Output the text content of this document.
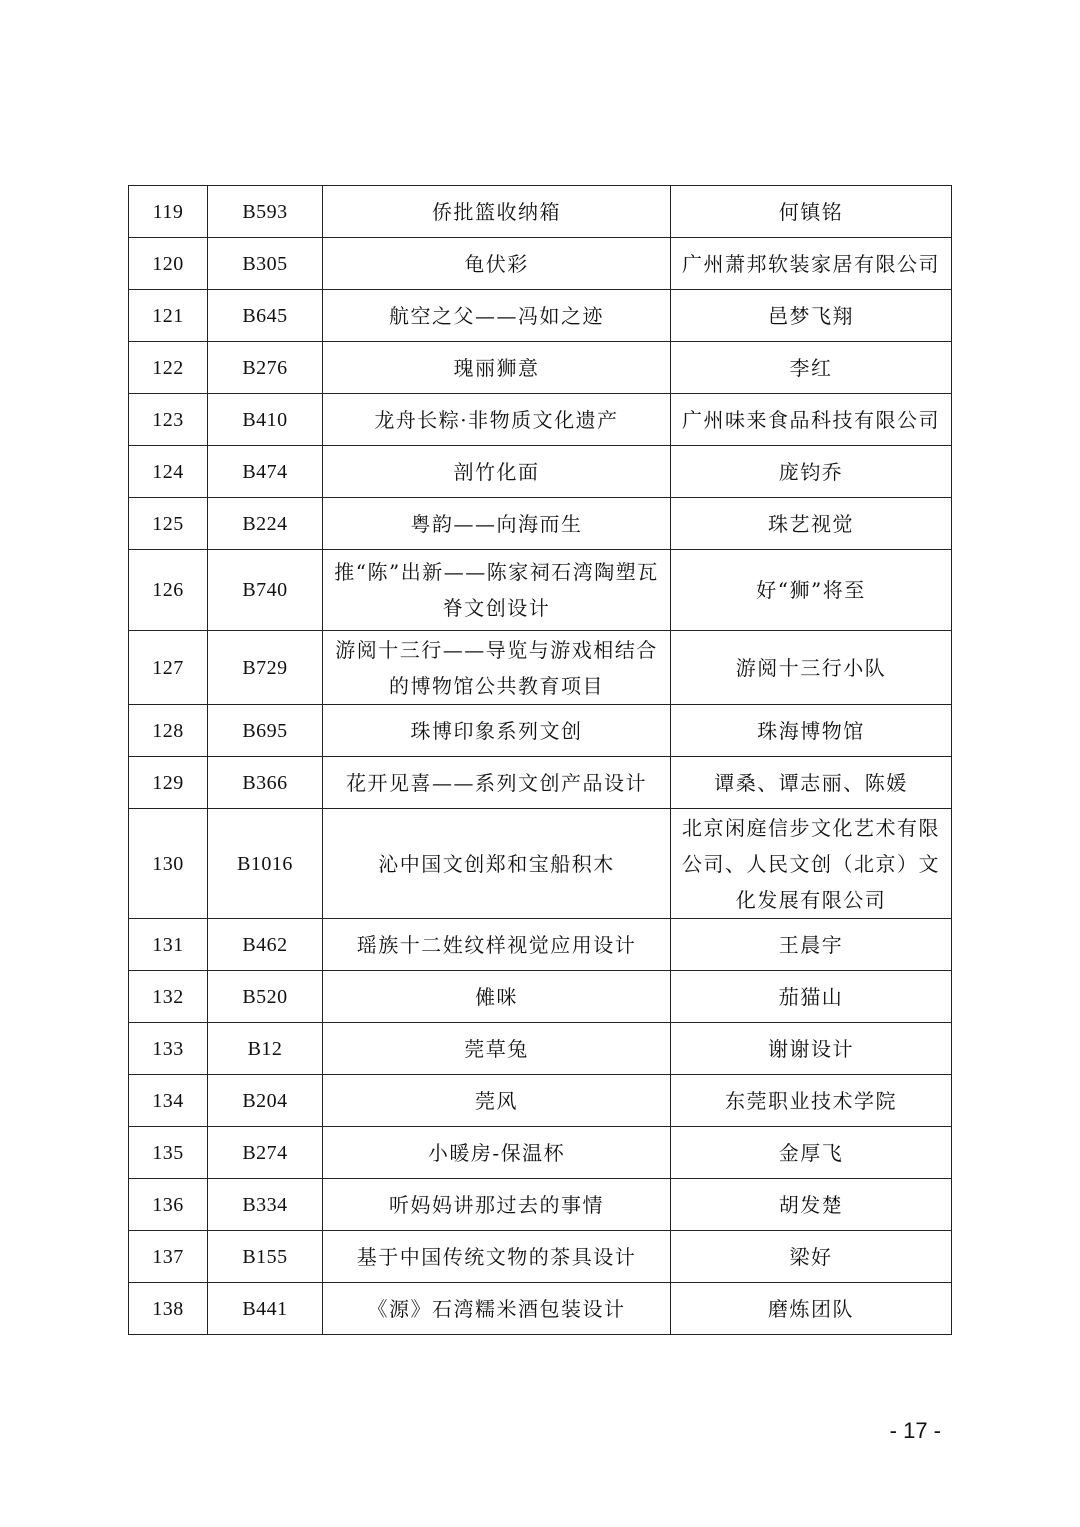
119	B593	侨批篮收纳箱	何镇铭
120	B305	龟伏彩	广州萧邦软装家居有限公司
121	B645	航空之父——冯如之迹	邑梦飞翔
122	B276	瑰丽狮意	李红
123	B410	龙舟长粽·非物质文化遗产	广州味来食品科技有限公司
124	B474	剖竹化面	庞钧乔
125	B224	粤韵——向海而生	珠艺视觉
126	B740	推“陈”出新——陈家祠石湾陶塑瓦脊文创设计	好“狮”将至
127	B729	游阅十三行——导览与游戏相结合的博物馆公共教育项目	游阅十三行小队
128	B695	珠博印象系列文创	珠海博物馆
129	B366	花开见喜——系列文创产品设计	谭桑、谭志丽、陈媛
130	B1016	沁中国文创郑和宝船积木	北京闲庭信步文化艺术有限公司、人民文创（北京）文化发展有限公司
131	B462	瑶族十二姓纹样视觉应用设计	王晨宇
132	B520	傩咪	茄猫山
133	B12	莞草兔	谢谢设计
134	B204	莞风	东莞职业技术学院
135	B274	小暖房-保温杯	金厚飞
136	B334	听妈妈讲那过去的事情	胡发楚
137	B155	基于中国传统文物的茶具设计	梁好
138	B441	《源》石湾糯米酒包装设计	磨炼团队
- 17 -
